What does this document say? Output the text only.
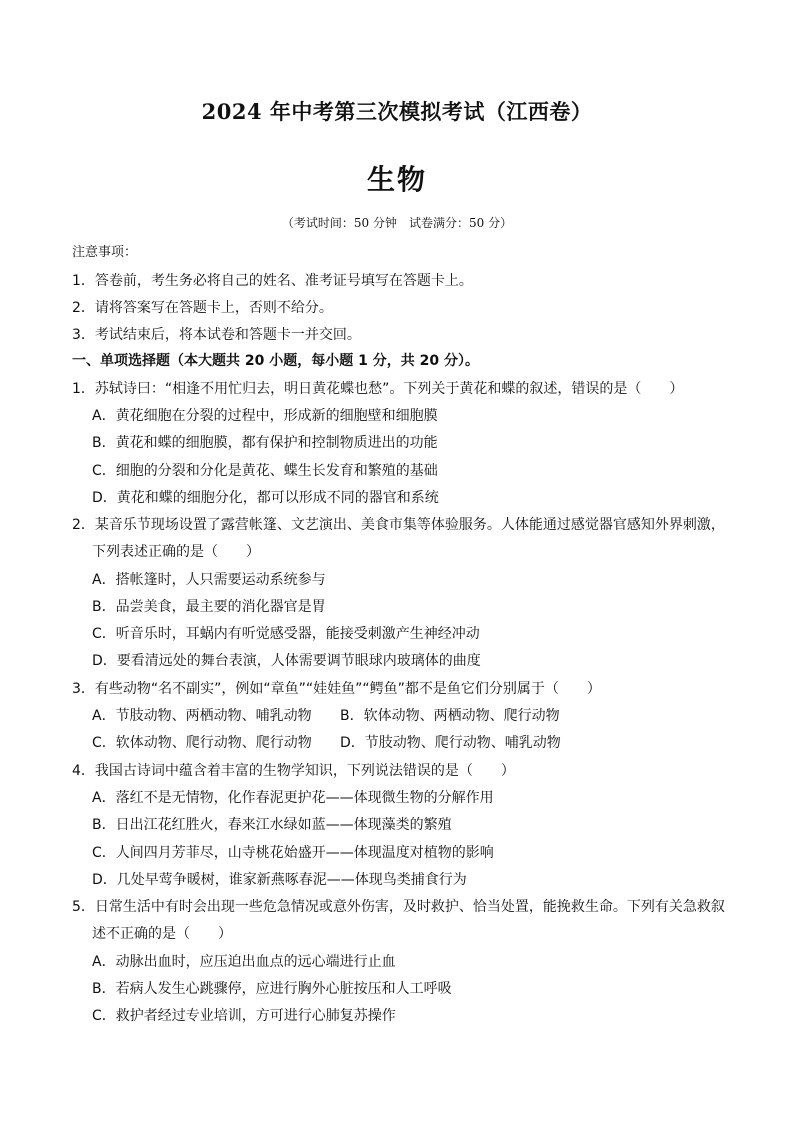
2024 年中考第三次模拟考试（江西卷）
生物
（考试时间：50 分钟　试卷满分：50 分）
注意事项：
1．答卷前，考生务必将自己的姓名、准考证号填写在答题卡上。
2．请将答案写在答题卡上，否则不给分。
3．考试结束后，将本试卷和答题卡一并交回。
一、单项选择题（本大题共 20 小题，每小题 1 分，共 20 分）。
1．苏轼诗曰：“相逢不用忙归去，明日黄花蝶也愁”。下列关于黄花和蝶的叙述，错误的是（　　）
A．黄花细胞在分裂的过程中，形成新的细胞壁和细胞膜
B．黄花和蝶的细胞膜，都有保护和控制物质进出的功能
C．细胞的分裂和分化是黄花、蝶生长发育和繁殖的基础
D．黄花和蝶的细胞分化，都可以形成不同的器官和系统
2．某音乐节现场设置了露营帐篷、文艺演出、美食市集等体验服务。人体能通过感觉器官感知外界刺激，
下列表述正确的是（　　）
A．搭帐篷时，人只需要运动系统参与
B．品尝美食，最主要的消化器官是胃
C．听音乐时，耳蜗内有听觉感受器，能接受刺激产生神经冲动
D．要看清远处的舞台表演，人体需要调节眼球内玻璃体的曲度
3．有些动物“名不副实”，例如“章鱼”“娃娃鱼”“鳄鱼”都不是鱼它们分别属于（　　）
A．节肢动物、两栖动物、哺乳动物 B．软体动物、两栖动物、爬行动物
C．软体动物、爬行动物、爬行动物 D．节肢动物、爬行动物、哺乳动物
4．我国古诗词中蕴含着丰富的生物学知识，下列说法错误的是（　　）
A．落红不是无情物，化作春泥更护花——体现微生物的分解作用
B．日出江花红胜火，春来江水绿如蓝——体现藻类的繁殖
C．人间四月芳菲尽，山寺桃花始盛开——体现温度对植物的影响
D．几处早莺争暖树，谁家新燕啄春泥——体现鸟类捕食行为
5．日常生活中有时会出现一些危急情况或意外伤害，及时救护、恰当处置，能挽救生命。下列有关急救叙
述不正确的是（　　）
A．动脉出血时，应压迫出血点的远心端进行止血
B．若病人发生心跳骤停，应进行胸外心脏按压和人工呼吸
C．救护者经过专业培训，方可进行心肺复苏操作
